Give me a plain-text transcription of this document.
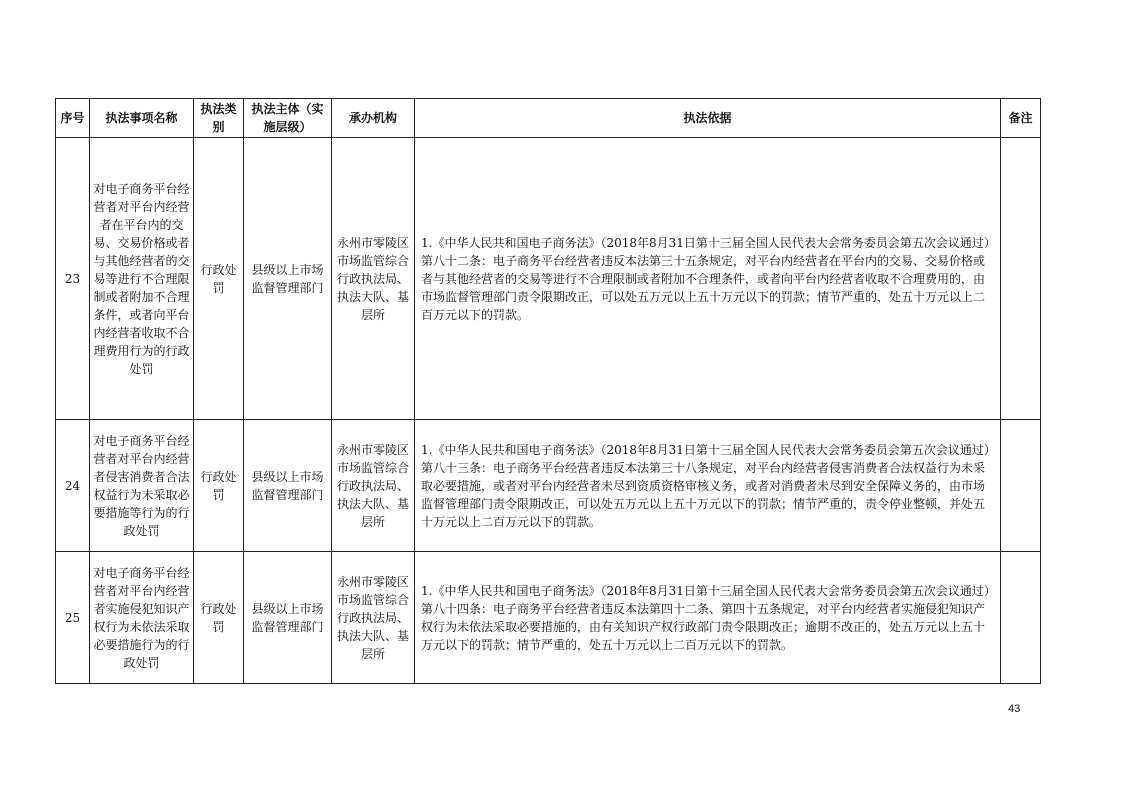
序号	执法事项名称	执法类别	执法主体（实施层级）	承办机构	执法依据	备注
23	对电子商务平台经营者对平台内经营者在平台内的交易、交易价格或者与其他经营者的交易等进行不合理限制或者附加不合理条件，或者向平台内经营者收取不合理费用行为的行政处罚	行政处罚	县级以上市场监督管理部门	永州市零陵区市场监管综合行政执法局、执法大队、基层所	1.《中华人民共和国电子商务法》（2018年8月31日第十三届全国人民代表大会常务委员会第五次会议通过）
第八十二条：电子商务平台经营者违反本法第三十五条规定，对平台内经营者在平台内的交易、交易价格或者与其他经营者的交易等进行不合理限制或者附加不合理条件，或者向平台内经营者收取不合理费用的，由市场监督管理部门责令限期改正，可以处五万元以上五十万元以下的罚款；情节严重的，处五十万元以上二百万元以下的罚款。	

24	对电子商务平台经营者对平台内经营者侵害消费者合法权益行为未采取必要措施等行为的行政处罚	行政处罚	县级以上市场监督管理部门	永州市零陵区市场监管综合行政执法局、执法大队、基层所	1.《中华人民共和国电子商务法》（2018年8月31日第十三届全国人民代表大会常务委员会第五次会议通过）
第八十三条：电子商务平台经营者违反本法第三十八条规定，对平台内经营者侵害消费者合法权益行为未采取必要措施，或者对平台内经营者未尽到资质资格审核义务，或者对消费者未尽到安全保障义务的，由市场监督管理部门责令限期改正，可以处五万元以上五十万元以下的罚款；情节严重的，责令停业整顿，并处五十万元以上二百万元以下的罚款。	

25	对电子商务平台经营者对平台内经营者实施侵犯知识产权行为未依法采取必要措施行为的行政处罚	行政处罚	县级以上市场监督管理部门	永州市零陵区市场监管综合行政执法局、执法大队、基层所	1.《中华人民共和国电子商务法》（2018年8月31日第十三届全国人民代表大会常务委员会第五次会议通过）
第八十四条：电子商务平台经营者违反本法第四十二条、第四十五条规定，对平台内经营者实施侵犯知识产权行为未依法采取必要措施的，由有关知识产权行政部门责令限期改正；逾期不改正的，处五万元以上五十万元以下的罚款；情节严重的，处五十万元以上二百万元以下的罚款。	

43
